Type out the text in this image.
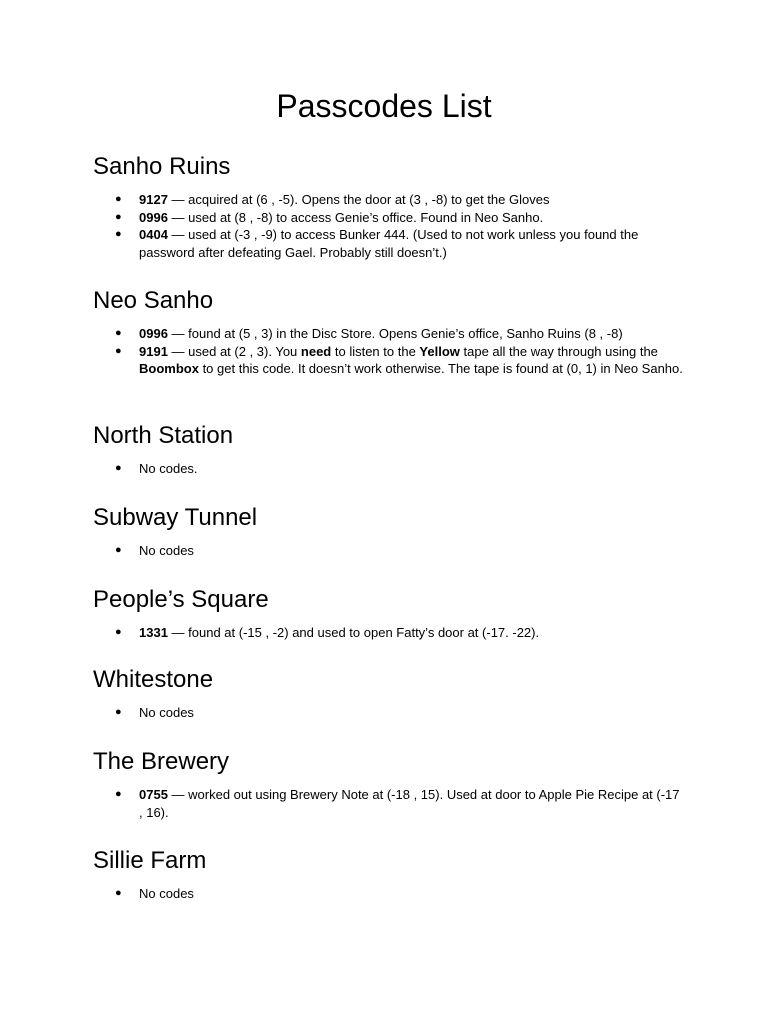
Passcodes List
Sanho Ruins
● 9127 — acquired at (6 , -5). Opens the door at (3 , -8) to get the Gloves
● 0996 — used at (8 , -8) to access Genie’s office. Found in Neo Sanho.
● 0404 — used at (-3 , -9) to access Bunker 444. (Used to not work unless you found the password after defeating Gael. Probably still doesn’t.)
Neo Sanho
● 0996 — found at (5 , 3) in the Disc Store. Opens Genie’s office, Sanho Ruins (8 , -8)
● 9191 — used at (2 , 3). You need to listen to the Yellow tape all the way through using the Boombox to get this code. It doesn’t work otherwise. The tape is found at (0, 1) in Neo Sanho.
North Station
● No codes.
Subway Tunnel
● No codes
People’s Square
● 1331 — found at (-15 , -2) and used to open Fatty’s door at (-17. -22).
Whitestone
● No codes
The Brewery
● 0755 — worked out using Brewery Note at (-18 , 15). Used at door to Apple Pie Recipe at (-17 , 16).
Sillie Farm
● No codes
